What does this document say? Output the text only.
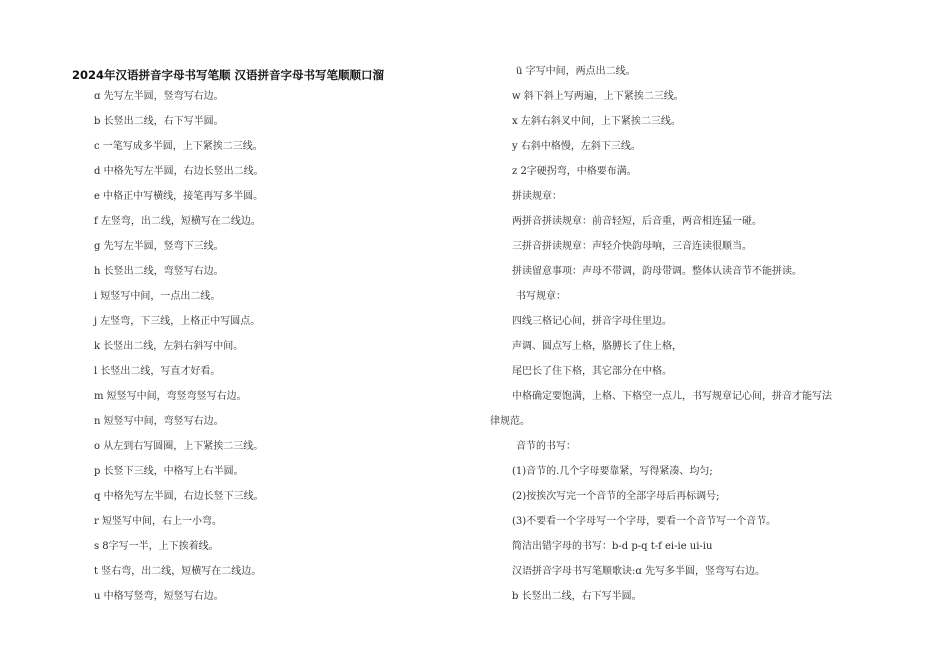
2024年汉语拼音字母书写笔顺 汉语拼音字母书写笔顺顺口溜
ɑ 先写左半圆，竖弯写右边。
b 长竖出二线，右下写半圆。
c 一笔写成多半圆，上下紧挨二三线。
d 中格先写左半圆，右边长竖出二线。
e 中格正中写横线，接笔再写多半圆。
f 左竖弯，出二线，短横写在二线边。
g 先写左半圆，竖弯下三线。
h 长竖出二线，弯竖写右边。
i 短竖写中间，一点出二线。
j 左竖弯，下三线，上格正中写圆点。
k 长竖出二线，左斜右斜写中间。
l 长竖出二线，写直才好看。
m 短竖写中间，弯竖弯竖写右边。
n 短竖写中间，弯竖写右边。
o 从左到右写圆圈，上下紧挨二三线。
p 长竖下三线，中格写上右半圆。
q 中格先写左半圆，右边长竖下三线。
r 短竖写中间，右上一小弯。
s 8字写一半，上下挨着线。
t 竖右弯，出二线，短横写在二线边。
u 中格写竖弯，短竖写右边。
ü 字写中间，两点出二线。
w 斜下斜上写两遍，上下紧挨二三线。
x 左斜右斜叉中间，上下紧挨二三线。
y 右斜中格慢，左斜下三线。
z 2字硬拐弯，中格要布满。
拼读规章：
两拼音拼读规章：前音轻短，后音重，两音相连猛一碰。
三拼音拼读规章：声轻介快韵母响，三音连读很顺当。
拼读留意事项：声母不带调，韵母带调。整体认读音节不能拼读。
书写规章：
四线三格记心间，拼音字母住里边。
声调、圆点写上格，胳膊长了住上格，
尾巴长了住下格，其它部分在中格。
中格确定要饱满，上格、下格空一点儿，书写规章记心间，拼音才能写法
律规范。
音节的书写：
(1)音节的.几个字母要靠紧，写得紧凑、均匀;
(2)按挨次写完一个音节的全部字母后再标调号;
(3)不要看一个字母写一个字母，要看一个音节写一个音节。
简洁出错字母的书写：b-d p-q t-f ei-ie ui-iu
汉语拼音字母书写笔顺歌诀:ɑ 先写多半圆，竖弯写右边。
b 长竖出二线，右下写半圆。
